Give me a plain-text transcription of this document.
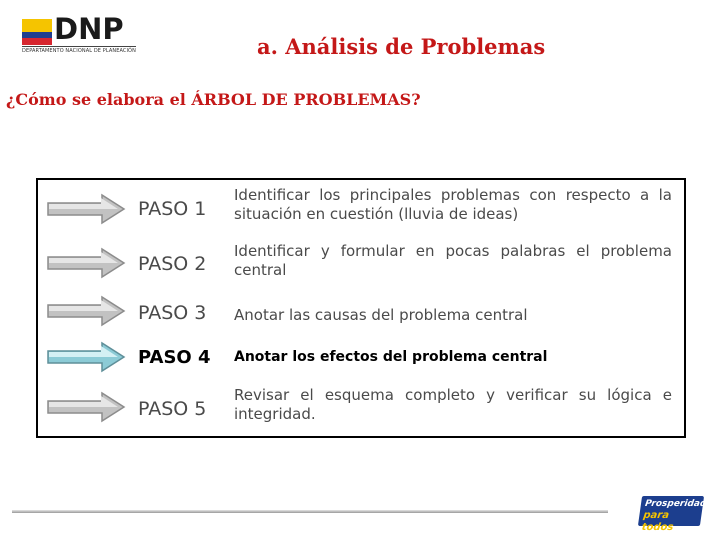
DNP
DEPARTAMENTO NACIONAL DE PLANEACIÓN	a. Análisis de Problemas
¿Cómo se elabora el ÁRBOL DE PROBLEMAS?
PASO 1
Identificar los principales problemas con respecto a la situación en cuestión (lluvia de ideas)
PASO 2
Identificar y formular en pocas palabras el problema central
PASO 3 Anotar las causas del problema central
PASO 4 Anotar los efectos del problema central
PASO 5
Revisar el esquema completo y verificar su lógica e integridad.
Prosperidad
para todos
